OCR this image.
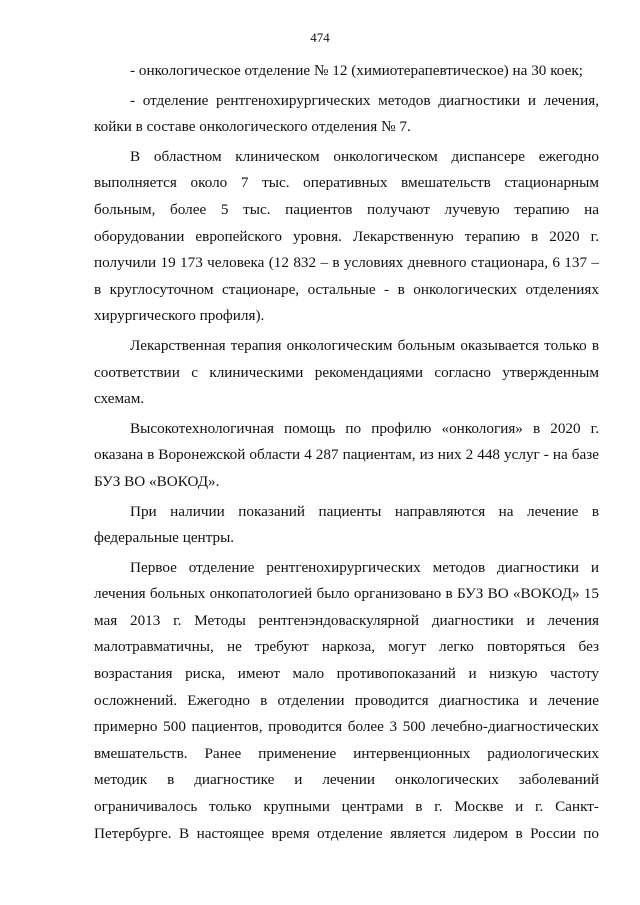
474

- онкологическое отделение № 12 (химиотерапевтическое) на 30 коек;

- отделение рентгенохирургических методов диагностики и лечения, койки в составе онкологического отделения № 7.

В областном клиническом онкологическом диспансере ежегодно выполняется около 7 тыс. оперативных вмешательств стационарным больным, более 5 тыс. пациентов получают лучевую терапию на оборудовании европейского уровня. Лекарственную терапию в 2020 г. получили 19 173 человека (12 832 – в условиях дневного стационара, 6 137 – в круглосуточном стационаре, остальные - в онкологических отделениях хирургического профиля).

Лекарственная терапия онкологическим больным оказывается только в соответствии с клиническими рекомендациями согласно утвержденным схемам.

Высокотехнологичная помощь по профилю «онкология» в 2020 г. оказана в Воронежской области 4 287 пациентам, из них 2 448 услуг - на базе БУЗ ВО «ВОКОД».

При наличии показаний пациенты направляются на лечение в федеральные центры.

Первое отделение рентгенохирургических методов диагностики и лечения больных онкопатологией было организовано в БУЗ ВО «ВОКОД» 15 мая 2013 г. Методы рентгенэндоваскулярной диагностики и лечения малотравматичны, не требуют наркоза, могут легко повторяться без возрастания риска, имеют мало противопоказаний и низкую частоту осложнений. Ежегодно в отделении проводится диагностика и лечение примерно 500 пациентов, проводится более 3 500 лечебно-диагностических вмешательств. Ранее применение интервенционных радиологических методик в диагностике и лечении онкологических заболеваний ограничивалось только крупными центрами в г. Москве и г. Санкт-Петербурге. В настоящее время отделение является лидером в России по
